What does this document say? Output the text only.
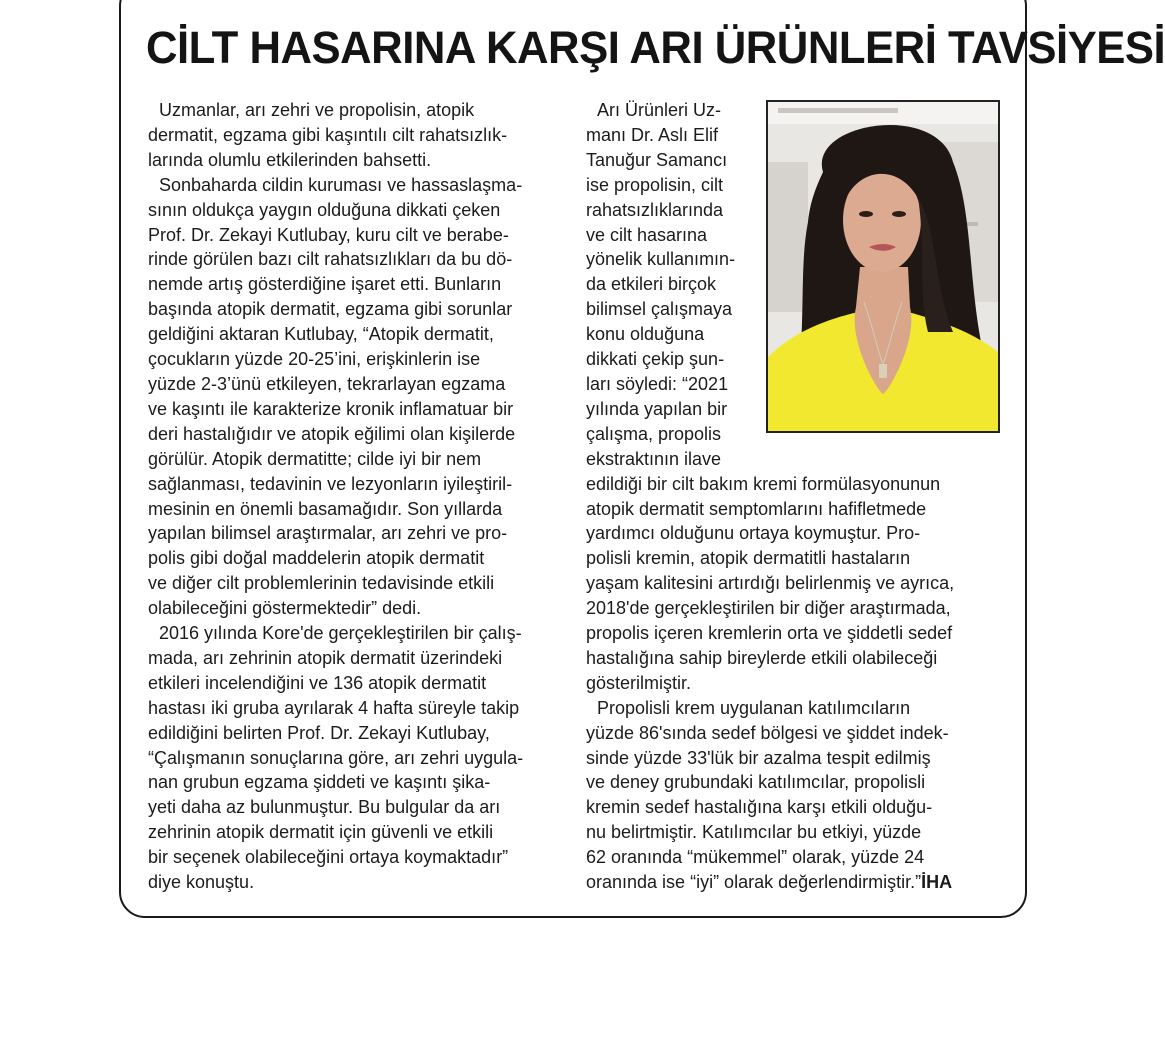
CİLT HASARINA KARŞI ARI ÜRÜNLERİ TAVSİYESİ

Uzmanlar, arı zehri ve propolisin, atopik
dermatit, egzama gibi kaşıntılı cilt rahatsızlık-
larında olumlu etkilerinden bahsetti.

Sonbaharda cildin kuruması ve hassaslaşma-
sının oldukça yaygın olduğuna dikkati çeken
Prof. Dr. Zekayi Kutlubay, kuru cilt ve berabe-
rinde görülen bazı cilt rahatsızlıkları da bu dö-
nemde artış gösterdiğine işaret etti. Bunların
başında atopik dermatit, egzama gibi sorunlar
geldiğini aktaran Kutlubay, “Atopik dermatit,
çocukların yüzde 20-25’ini, erişkinlerin ise
yüzde 2-3’ünü etkileyen, tekrarlayan egzama
ve kaşıntı ile karakterize kronik inflamatuar bir
deri hastalığıdır ve atopik eğilimi olan kişilerde
görülür. Atopik dermatitte; cilde iyi bir nem
sağlanması, tedavinin ve lezyonların iyileştiril-
mesinin en önemli basamağıdır. Son yıllarda
yapılan bilimsel araştırmalar, arı zehri ve pro-
polis gibi doğal maddelerin atopik dermatit
ve diğer cilt problemlerinin tedavisinde etkili
olabileceğini göstermektedir” dedi.

2016 yılında Kore'de gerçekleştirilen bir çalış-
mada, arı zehrinin atopik dermatit üzerindeki
etkileri incelendiğini ve 136 atopik dermatit
hastası iki gruba ayrılarak 4 hafta süreyle takip
edildiğini belirten Prof. Dr. Zekayi Kutlubay,
“Çalışmanın sonuçlarına göre, arı zehri uygula-
nan grubun egzama şiddeti ve kaşıntı şika-
yeti daha az bulunmuştur. Bu bulgular da arı
zehrinin atopik dermatit için güvenli ve etkili
bir seçenek olabileceğini ortaya koymaktadır”
diye konuştu.

Arı Ürünleri Uz-
manı Dr. Aslı Elif
Tanuğur Samancı
ise propolisin, cilt
rahatsızlıklarında
ve cilt hasarına
yönelik kullanımın-
da etkileri birçok
bilimsel çalışmaya
konu olduğuna
dikkati çekip şun-
ları söyledi: “2021
yılında yapılan bir
çalışma, propolis
ekstraktının ilave
edildiği bir cilt bakım kremi formülasyonunun
atopik dermatit semptomlarını hafifletmede
yardımcı olduğunu ortaya koymuştur. Pro-
polisli kremin, atopik dermatitli hastaların
yaşam kalitesini artırdığı belirlenmiş ve ayrıca,
2018'de gerçekleştirilen bir diğer araştırmada,
propolis içeren kremlerin orta ve şiddetli sedef
hastalığına sahip bireylerde etkili olabileceği
gösterilmiştir.

Propolisli krem uygulanan katılımcıların
yüzde 86'sında sedef bölgesi ve şiddet indek-
sinde yüzde 33'lük bir azalma tespit edilmiş
ve deney grubundaki katılımcılar, propolisli
kremin sedef hastalığına karşı etkili olduğu-
nu belirtmiştir. Katılımcılar bu etkiyi, yüzde
62 oranında “mükemmel” olarak, yüzde 24
oranında ise “iyi” olarak değerlendirmiştir.”İHA
